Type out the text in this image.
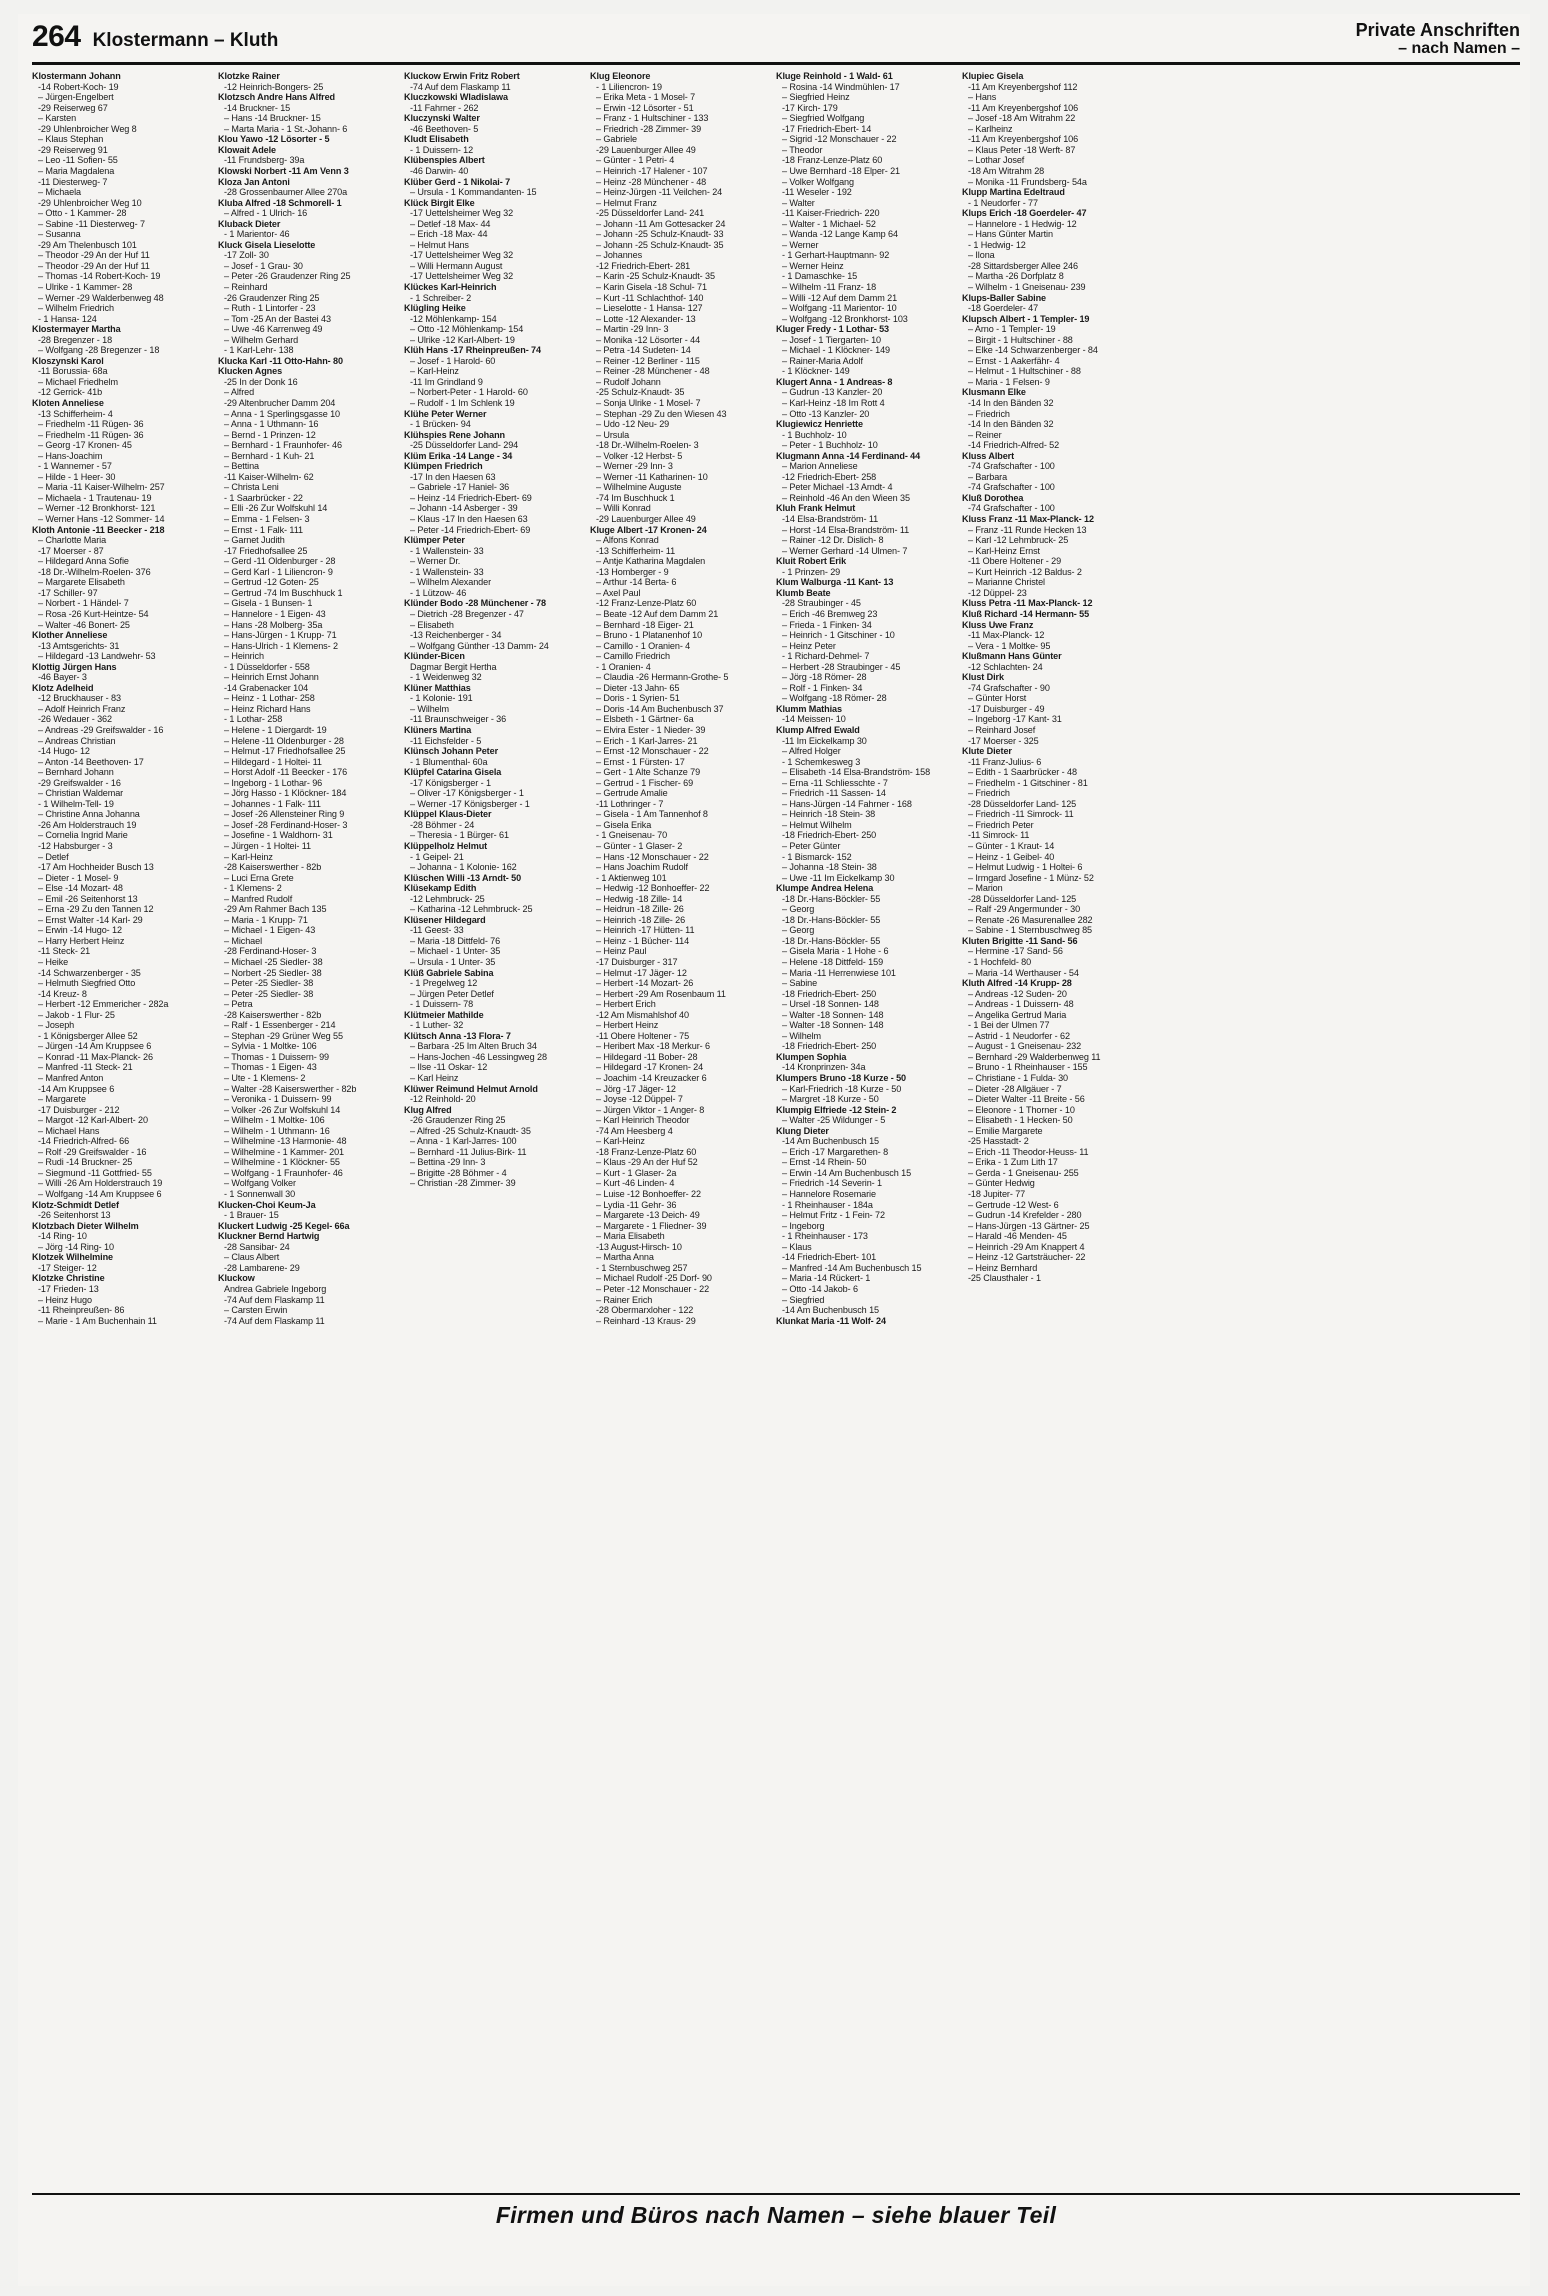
264 Klostermann – Kluth	Private Anschriften
– nach Namen –
Klostermann Johann
-14 Robert-Koch- 19
– Jürgen-Engelbert
-29 Reiserweg 67
– Karsten
-29 Uhlenbroicher Weg 8
– Klaus Stephan
-29 Reiserweg 91
– Leo -11 Sofien- 55
– Maria Magdalena
-11 Diesterweg- 7
– Michaela
-29 Uhlenbroicher Weg 10
– Otto - 1 Kammer- 28
– Sabine -11 Diesterweg- 7
– Susanna
-29 Am Thelenbusch 101
– Theodor -29 An der Huf 11
– Theodor -29 An der Huf 11
– Thomas -14 Robert-Koch- 19
– Ulrike - 1 Kammer- 28
– Werner -29 Walderbenweg 48
– Wilhelm Friedrich
- 1 Hansa- 124
Klostermayer Martha
-28 Bregenzer - 18
– Wolfgang -28 Bregenzer - 18
Kloszynski Karol
-11 Borussia- 68a
– Michael Friedhelm
-12 Gerrick- 41b
Kloten Anneliese
-13 Schifferheim- 4
– Friedhelm -11 Rügen- 36
– Friedhelm -11 Rügen- 36
– Georg -17 Kronen- 45
– Hans-Joachim
- 1 Wannemer - 57
– Hilde - 1 Heer- 30
– Maria -11 Kaiser-Wilhelm- 257
– Michaela - 1 Trautenau- 19
– Werner -12 Bronkhorst- 121
– Werner Hans -12 Sommer- 14
Kloth Antonie -11 Beecker - 218
– Charlotte Maria
-17 Moerser - 87
– Hildegard Anna Sofie
-18 Dr.-Wilhelm-Roelen- 376
– Margarete Elisabeth
-17 Schiller- 97
– Norbert - 1 Händel- 7
– Rosa -26 Kurt-Heintze- 54
– Walter -46 Bonert- 25
Klother Anneliese
-13 Amtsgerichts- 31
– Hildegard -13 Landwehr- 53
Klottig Jürgen Hans
-46 Bayer- 3
Klotz Adelheid
-12 Bruckhauser - 83
– Adolf Heinrich Franz
-26 Wedauer - 362
– Andreas -29 Greifswalder - 16
– Andreas Christian
-14 Hugo- 12
– Anton -14 Beethoven- 17
– Bernhard Johann
-29 Greifswalder - 16
– Christian Waldemar
- 1 Wilhelm-Tell- 19
– Christine Anna Johanna
-26 Am Holderstrauch 19
– Cornelia Ingrid Marie
-12 Habsburger - 3
– Detlef
-17 Am Hochheider Busch 13
– Dieter - 1 Mosel- 9
– Else -14 Mozart- 48
– Emil -26 Seitenhorst 13
– Erna -29 Zu den Tannen 12
– Ernst Walter -14 Karl- 29
– Erwin -14 Hugo- 12
– Harry Herbert Heinz
-11 Steck- 21
– Heike
-14 Schwarzenberger - 35
– Helmuth Siegfried Otto
-14 Kreuz- 8
– Herbert -12 Emmericher - 282a
– Jakob - 1 Flur- 25
– Joseph
- 1 Königsberger Allee 52
– Jürgen -14 Am Kruppsee 6
– Konrad -11 Max-Planck- 26
– Manfred -11 Steck- 21
– Manfred Anton
-14 Am Kruppsee 6
– Margarete
-17 Duisburger - 212
– Margot -12 Karl-Albert- 20
– Michael Hans
-14 Friedrich-Alfred- 66
– Rolf -29 Greifswalder - 16
– Rudi -14 Bruckner- 25
– Siegmund -11 Gottfried- 55
– Willi -26 Am Holderstrauch 19
– Wolfgang -14 Am Kruppsee 6
Klotz-Schmidt Detlef
-26 Seitenhorst 13
Klotzbach Dieter Wilhelm
-14 Ring- 10
– Jörg -14 Ring- 10
Klotzek Wilhelmine
-17 Steiger- 12
Klotzke Christine
-17 Frieden- 13
– Heinz Hugo
-11 Rheinpreußen- 86
– Marie - 1 Am Buchenhain 11
Klotzke Rainer
-12 Heinrich-Bongers- 25
Klotzsch Andre Hans Alfred
-14 Bruckner- 15
– Hans -14 Bruckner- 15
– Marta Maria - 1 St.-Johann- 6
Klou Yawo -12 Lösorter - 5
Klowait Adele
-11 Frundsberg- 39a
Klowski Norbert -11 Am Venn 3
Kloza Jan Antoni
-28 Grossenbaumer Allee 270a
Kluba Alfred -18 Schmorell- 1
– Alfred - 1 Ulrich- 16
Kluback Dieter
- 1 Marientor- 46
Kluck Gisela Lieselotte
-17 Zoll- 30
– Josef - 1 Grau- 30
– Peter -26 Graudenzer Ring 25
– Reinhard
-26 Graudenzer Ring 25
– Ruth - 1 Lintorfer - 23
– Tom -25 An der Bastei 43
– Uwe -46 Karrenweg 49
– Wilhelm Gerhard
- 1 Karl-Lehr- 138
Klucka Karl -11 Otto-Hahn- 80
Klucken Agnes
-25 In der Donk 16
– Alfred
-29 Altenbrucher Damm 204
– Anna - 1 Sperlingsgasse 10
– Anna - 1 Uthmann- 16
– Bernd - 1 Prinzen- 12
– Bernhard - 1 Fraunhofer- 46
– Bernhard - 1 Kuh- 21
– Bettina
-11 Kaiser-Wilhelm- 62
– Christa Leni
- 1 Saarbrücker - 22
– Elli -26 Zur Wolfskuhl 14
– Emma - 1 Felsen- 3
– Ernst - 1 Falk- 111
– Garnet Judith
-17 Friedhofsallee 25
– Gerd -11 Oldenburger - 28
– Gerd Karl - 1 Liliencron- 9
– Gertrud -12 Goten- 25
– Gertrud -74 Im Buschhuck 1
– Gisela - 1 Bunsen- 1
– Hannelore - 1 Eigen- 43
– Hans -28 Molberg- 35a
– Hans-Jürgen - 1 Krupp- 71
– Hans-Ulrich - 1 Klemens- 2
– Heinrich
- 1 Düsseldorfer - 558
– Heinrich Ernst Johann
-14 Grabenacker 104
– Heinz - 1 Lothar- 258
– Heinz Richard Hans
- 1 Lothar- 258
– Helene - 1 Diergardt- 19
– Helene -11 Oldenburger - 28
– Helmut -17 Friedhofsallee 25
– Hildegard - 1 Holtei- 11
– Horst Adolf -11 Beecker - 176
– Ingeborg - 1 Lothar- 96
– Jörg Hasso - 1 Klöckner- 184
– Johannes - 1 Falk- 111
– Josef -26 Allensteiner Ring 9
– Josef -28 Ferdinand-Hoser- 3
– Josefine - 1 Waldhorn- 31
– Jürgen - 1 Holtei- 11
– Karl-Heinz
-28 Kaiserswerther - 82b
– Luci Erna Grete
- 1 Klemens- 2
– Manfred Rudolf
-29 Am Rahmer Bach 135
– Maria - 1 Krupp- 71
– Michael - 1 Eigen- 43
– Michael
-28 Ferdinand-Hoser- 3
– Michael -25 Siedler- 38
– Norbert -25 Siedler- 38
– Peter -25 Siedler- 38
– Peter -25 Siedler- 38
– Petra
-28 Kaiserswerther - 82b
– Ralf - 1 Essenberger - 214
– Stephan -29 Grüner Weg 55
– Sylvia - 1 Moltke- 106
– Thomas - 1 Duissern- 99
– Thomas - 1 Eigen- 43
– Ute - 1 Klemens- 2
– Walter -28 Kaiserswerther - 82b
– Veronika - 1 Duissern- 99
– Volker -26 Zur Wolfskuhl 14
– Wilhelm - 1 Moltke- 106
– Wilhelm - 1 Uthmann- 16
– Wilhelmine -13 Harmonie- 48
– Wilhelmine - 1 Kammer- 201
– Wilhelmine - 1 Klöckner- 55
– Wolfgang - 1 Fraunhofer- 46
– Wolfgang Volker
- 1 Sonnenwall 30
Klucken-Choi Keum-Ja
- 1 Brauer- 15
Kluckert Ludwig -25 Kegel- 66a
Kluckner Bernd Hartwig
-28 Sansibar- 24
– Claus Albert
-28 Lambarene- 29
Kluckow
Andrea Gabriele Ingeborg
-74 Auf dem Flaskamp 11
– Carsten Erwin
-74 Auf dem Flaskamp 11
Kluckow Erwin Fritz Robert
-74 Auf dem Flaskamp 11
Kluczkowski Wladislawa
-11 Fahrner - 262
Kluczynski Walter
-46 Beethoven- 5
Kludt Elisabeth
- 1 Duissern- 12
Klübenspies Albert
-46 Darwin- 40
Klüber Gerd - 1 Nikolai- 7
– Ursula - 1 Kommandanten- 15
Klück Birgit Elke
-17 Uettelsheimer Weg 32
– Detlef -18 Max- 44
– Erich -18 Max- 44
– Helmut Hans
-17 Uettelsheimer Weg 32
– Willi Hermann August
-17 Uettelsheimer Weg 32
Klückes Karl-Heinrich
- 1 Schreiber- 2
Klügling Heike
-12 Möhlenkamp- 154
– Otto -12 Möhlenkamp- 154
– Ulrike -12 Karl-Albert- 19
Klüh Hans -17 Rheinpreußen- 74
– Josef - 1 Harold- 60
– Karl-Heinz
-11 Im Grindland 9
– Norbert-Peter - 1 Harold- 60
– Rudolf - 1 Im Schlenk 19
Klühe Peter Werner
- 1 Brücken- 94
Klühspies Rene Johann
-25 Düsseldorfer Land- 294
Klüm Erika -14 Lange - 34
Klümpen Friedrich
-17 In den Haesen 63
– Gabriele -17 Haniel- 36
– Heinz -14 Friedrich-Ebert- 69
– Johann -14 Asberger - 39
– Klaus -17 In den Haesen 63
– Peter -14 Friedrich-Ebert- 69
Klümper Peter
- 1 Wallenstein- 33
– Werner Dr.
- 1 Wallenstein- 33
– Wilhelm Alexander
- 1 Lützow- 46
Klünder Bodo -28 Münchener - 78
– Dietrich -28 Bregenzer - 47
– Elisabeth
-13 Reichenberger - 34
– Wolfgang Günther -13 Damm- 24
Klünder-Bicen
Dagmar Bergit Hertha
- 1 Weidenweg 32
Klüner Matthias
- 1 Kolonie- 191
– Wilhelm
-11 Braunschweiger - 36
Klüners Martina
-11 Eichsfelder - 5
Klünsch Johann Peter
- 1 Blumenthal- 60a
Klüpfel Catarina Gisela
-17 Königsberger - 1
– Oliver -17 Königsberger - 1
– Werner -17 Königsberger - 1
Klüppel Klaus-Dieter
-28 Böhmer - 24
– Theresia - 1 Bürger- 61
Klüppelholz Helmut
- 1 Geipel- 21
– Johanna - 1 Kolonie- 162
Klüschen Willi -13 Arndt- 50
Klüsekamp Edith
-12 Lehmbruck- 25
– Katharina -12 Lehmbruck- 25
Klüsener Hildegard
-11 Geest- 33
– Maria -18 Dittfeld- 76
– Michael - 1 Unter- 35
– Ursula - 1 Unter- 35
Klüß Gabriele Sabina
- 1 Pregelweg 12
– Jürgen Peter Detlef
- 1 Duissern- 78
Klütmeier Mathilde
- 1 Luther- 32
Klütsch Anna -13 Flora- 7
– Barbara -25 Im Alten Bruch 34
– Hans-Jochen -46 Lessingweg 28
– Ilse -11 Oskar- 12
– Karl Heinz
Klüwer Reimund Helmut Arnold
-12 Reinhold- 20
Klug Alfred
-26 Graudenzer Ring 25
– Alfred -25 Schulz-Knaudt- 35
– Anna - 1 Karl-Jarres- 100
– Bernhard -11 Julius-Birk- 11
– Bettina -29 Inn- 3
– Brigitte -28 Böhmer - 4
– Christian -28 Zimmer- 39
Klug Eleonore
- 1 Liliencron- 19
– Erika Meta - 1 Mosel- 7
– Erwin -12 Lösorter - 51
– Franz - 1 Hultschiner - 133
– Friedrich -28 Zimmer- 39
– Gabriele
-29 Lauenburger Allee 49
– Günter - 1 Petri- 4
– Heinrich -17 Halener - 107
– Heinz -28 Münchener - 48
– Heinz-Jürgen -11 Veilchen- 24
– Helmut Franz
-25 Düsseldorfer Land- 241
– Johann -11 Am Gottesacker 24
– Johann -25 Schulz-Knaudt- 33
– Johann -25 Schulz-Knaudt- 35
– Johannes
-12 Friedrich-Ebert- 281
– Karin -25 Schulz-Knaudt- 35
– Karin Gisela -18 Schul- 71
– Kurt -11 Schlachthof- 140
– Lieselotte - 1 Hansa- 127
– Lotte -12 Alexander- 13
– Martin -29 Inn- 3
– Monika -12 Lösorter - 44
– Petra -14 Sudeten- 14
– Reiner -12 Berliner - 115
– Reiner -28 Münchener - 48
– Rudolf Johann
-25 Schulz-Knaudt- 35
– Sonja Ulrike - 1 Mosel- 7
– Stephan -29 Zu den Wiesen 43
– Udo -12 Neu- 29
– Ursula
-18 Dr.-Wilhelm-Roelen- 3
– Volker -12 Herbst- 5
– Werner -29 Inn- 3
– Werner -11 Katharinen- 10
– Wilhelmine Auguste
-74 Im Buschhuck 1
– Willi Konrad
-29 Lauenburger Allee 49
Kluge Albert -17 Kronen- 24
– Alfons Konrad
-13 Schifferheim- 11
– Antje Katharina Magdalen
-13 Homberger - 9
– Arthur -14 Berta- 6
– Axel Paul
-12 Franz-Lenze-Platz 60
– Beate -12 Auf dem Damm 21
– Bernhard -18 Eiger- 21
– Bruno - 1 Platanenhof 10
– Camillo - 1 Oranien- 4
– Camillo Friedrich
- 1 Oranien- 4
– Claudia -26 Hermann-Grothe- 5
– Dieter -13 Jahn- 65
– Doris - 1 Syrien- 51
– Doris -14 Am Buchenbusch 37
– Elsbeth - 1 Gärtner- 6a
– Elvira Ester - 1 Nieder- 39
– Erich - 1 Karl-Jarres- 21
– Ernst -12 Monschauer - 22
– Ernst - 1 Fürsten- 17
– Gert - 1 Alte Schanze 79
– Gertrud - 1 Fischer- 69
– Gertrude Amalie
-11 Lothringer - 7
– Gisela - 1 Am Tannenhof 8
– Gisela Erika
- 1 Gneisenau- 70
– Günter - 1 Glaser- 2
– Hans -12 Monschauer - 22
– Hans Joachim Rudolf
- 1 Aktienweg 101
– Hedwig -12 Bonhoeffer- 22
– Hedwig -18 Zille- 14
– Heidrun -18 Zille- 26
– Heinrich -18 Zille- 26
– Heinrich -17 Hütten- 11
– Heinz - 1 Bücher- 114
– Heinz Paul
-17 Duisburger - 317
– Helmut -17 Jäger- 12
– Herbert -14 Mozart- 26
– Herbert -29 Am Rosenbaum 11
– Herbert Erich
-12 Am Mismahlshof 40
– Herbert Heinz
-11 Obere Holtener - 75
– Heribert Max -18 Merkur- 6
– Hildegard -11 Bober- 28
– Hildegard -17 Kronen- 24
– Joachim -14 Kreuzacker 6
– Jörg -17 Jäger- 12
– Joyse -12 Düppel- 7
– Jürgen Viktor - 1 Anger- 8
– Karl Heinrich Theodor
-74 Am Heesberg 4
– Karl-Heinz
-18 Franz-Lenze-Platz 60
– Klaus -29 An der Huf 52
– Kurt - 1 Glaser- 2a
– Kurt -46 Linden- 4
– Luise -12 Bonhoeffer- 22
– Lydia -11 Gehr- 36
– Margarete -13 Deich- 49
– Margarete - 1 Fliedner- 39
– Maria Elisabeth
-13 August-Hirsch- 10
– Martha Anna
- 1 Sternbuschweg 257
– Michael Rudolf -25 Dorf- 90
– Peter -12 Monschauer - 22
– Rainer Erich
-28 Obermarxloher - 122
– Reinhard -13 Kraus- 29
Kluge Reinhold - 1 Wald- 61
– Rosina -14 Windmühlen- 17
– Siegfried Heinz
-17 Kirch- 179
– Siegfried Wolfgang
-17 Friedrich-Ebert- 14
– Sigrid -12 Monschauer - 22
– Theodor
-18 Franz-Lenze-Platz 60
– Uwe Bernhard -18 Elper- 21
– Volker Wolfgang
-11 Weseler - 192
– Walter
-11 Kaiser-Friedrich- 220
– Walter - 1 Michael- 52
– Wanda -12 Lange Kamp 64
– Werner
- 1 Gerhart-Hauptmann- 92
– Werner Heinz
- 1 Damaschke- 15
– Wilhelm -11 Franz- 18
– Willi -12 Auf dem Damm 21
– Wolfgang -11 Marientor- 10
– Wolfgang -12 Bronkhorst- 103
Kluger Fredy - 1 Lothar- 53
– Josef - 1 Tiergarten- 10
– Michael - 1 Klöckner- 149
– Rainer-Maria Adolf
- 1 Klöckner- 149
Klugert Anna - 1 Andreas- 8
– Gudrun -13 Kanzler- 20
– Karl-Heinz -18 Im Rott 4
– Otto -13 Kanzler- 20
Klugiewicz Henriette
- 1 Buchholz- 10
– Peter - 1 Buchholz- 10
Klugmann Anna -14 Ferdinand- 44
– Marion Anneliese
-12 Friedrich-Ebert- 258
– Peter Michael -13 Arndt- 4
– Reinhold -46 An den Wieen 35
Kluh Frank Helmut
-14 Elsa-Brandström- 11
– Horst -14 Elsa-Brandström- 11
– Rainer -12 Dr. Dislich- 8
– Werner Gerhard -14 Ulmen- 7
Kluit Robert Erik
- 1 Prinzen- 29
Klum Walburga -11 Kant- 13
Klumb Beate
-28 Straubinger - 45
– Erich -46 Bremweg 23
– Frieda - 1 Finken- 34
– Heinrich - 1 Gitschiner - 10
– Heinz Peter
- 1 Richard-Dehmel- 7
– Herbert -28 Straubinger - 45
– Jörg -18 Römer- 28
– Rolf - 1 Finken- 34
– Wolfgang -18 Römer- 28
Klumm Mathias
-14 Meissen- 10
Klump Alfred Ewald
-11 Im Eickelkamp 30
– Alfred Holger
- 1 Schemkesweg 3
– Elisabeth -14 Elsa-Brandström- 158
– Erna -11 Schliesschte - 7
– Friedrich -11 Sassen- 14
– Hans-Jürgen -14 Fahrner - 168
– Heinrich -18 Stein- 38
– Helmut Wilhelm
-18 Friedrich-Ebert- 250
– Peter Günter
- 1 Bismarck- 152
– Johanna -18 Stein- 38
– Uwe -11 Im Eickelkamp 30
Klumpe Andrea Helena
-18 Dr.-Hans-Böckler- 55
– Georg
-18 Dr.-Hans-Böckler- 55
– Georg
-18 Dr.-Hans-Böckler- 55
– Gisela Maria - 1 Hohe - 6
– Helene -18 Dittfeld- 159
– Maria -11 Herrenwiese 101
– Sabine
-18 Friedrich-Ebert- 250
– Ursel -18 Sonnen- 148
– Walter -18 Sonnen- 148
– Walter -18 Sonnen- 148
– Wilhelm
-18 Friedrich-Ebert- 250
Klumpen Sophia
-14 Kronprinzen- 34a
Klumpers Bruno -18 Kurze - 50
– Karl-Friedrich -18 Kurze - 50
– Margret -18 Kurze - 50
Klumpig Elfriede -12 Stein- 2
– Walter -25 Wildunger - 5
Klung Dieter
-14 Am Buchenbusch 15
– Erich -17 Margarethen- 8
– Ernst -14 Rhein- 50
– Erwin -14 Am Buchenbusch 15
– Friedrich -14 Severin- 1
– Hannelore Rosemarie
- 1 Rheinhauser - 184a
– Helmut Fritz - 1 Fein- 72
– Ingeborg
- 1 Rheinhauser - 173
– Klaus
-14 Friedrich-Ebert- 101
– Manfred -14 Am Buchenbusch 15
– Maria -14 Rückert- 1
– Otto -14 Jakob- 6
– Siegfried
-14 Am Buchenbusch 15
Klunkat Maria -11 Wolf- 24
Klupiec Gisela
-11 Am Kreyenbergshof 112
– Hans
-11 Am Kreyenbergshof 106
– Josef -18 Am Witrahm 22
– Karlheinz
-11 Am Kreyenbergshof 106
– Klaus Peter -18 Werft- 87
– Lothar Josef
-18 Am Witrahm 28
– Monika -11 Frundsberg- 54a
Klupp Martina Edeltraud
- 1 Neudorfer - 77
Klups Erich -18 Goerdeler- 47
– Hannelore - 1 Hedwig- 12
– Hans Günter Martin
- 1 Hedwig- 12
– Ilona
-28 Sittardsberger Allee 246
– Martha -26 Dorfplatz 8
– Wilhelm - 1 Gneisenau- 239
Klups-Baller Sabine
-18 Goerdeler- 47
Klupsch Albert - 1 Templer- 19
– Arno - 1 Templer- 19
– Birgit - 1 Hultschiner - 88
– Elke -14 Schwarzenberger - 84
– Ernst - 1 Aakerfähr- 4
– Helmut - 1 Hultschiner - 88
– Maria - 1 Felsen- 9
Klusmann Elke
-14 In den Bänden 32
– Friedrich
-14 In den Bänden 32
– Reiner
-14 Friedrich-Alfred- 52
Kluss Albert
-74 Grafschafter - 100
– Barbara
-74 Grafschafter - 100
Kluß Dorothea
-74 Grafschafter - 100
Kluss Franz -11 Max-Planck- 12
– Franz -11 Runde Hecken 13
– Karl -12 Lehmbruck- 25
– Karl-Heinz Ernst
-11 Obere Holtener - 29
– Kurt Heinrich -12 Baldus- 2
– Marianne Christel
-12 Düppel- 23
Kluss Petra -11 Max-Planck- 12
Kluß Richard -14 Hermann- 55
Kluss Uwe Franz
-11 Max-Planck- 12
– Vera - 1 Moltke- 95
Klußmann Hans Günter
-12 Schlachten- 24
Klust Dirk
-74 Grafschafter - 90
– Günter Horst
-17 Duisburger - 49
– Ingeborg -17 Kant- 31
– Reinhard Josef
-17 Moerser - 325
Klute Dieter
-11 Franz-Julius- 6
– Edith - 1 Saarbrücker - 48
– Friedhelm - 1 Gitschiner - 81
– Friedrich
-28 Düsseldorfer Land- 125
– Friedrich -11 Simrock- 11
– Friedrich Peter
-11 Simrock- 11
– Günter - 1 Kraut- 14
– Heinz - 1 Geibel- 40
– Helmut Ludwig - 1 Holtei- 6
– Irmgard Josefine - 1 Münz- 52
– Marion
-28 Düsseldorfer Land- 125
– Ralf -29 Angermunder - 30
– Renate -26 Masurenallee 282
– Sabine - 1 Sternbuschweg 85
Kluten Brigitte -11 Sand- 56
– Hermine -17 Sand- 56
- 1 Hochfeld- 80
– Maria -14 Werthauser - 54
Kluth Alfred -14 Krupp- 28
– Andreas -12 Suden- 20
– Andreas - 1 Duissern- 48
– Angelika Gertrud Maria
- 1 Bei der Ulmen 77
– Astrid - 1 Neudorfer - 62
– August - 1 Gneisenau- 232
– Bernhard -29 Walderbenweg 11
– Bruno - 1 Rheinhauser - 155
– Christiane - 1 Fulda- 30
– Dieter -28 Allgäuer - 7
– Dieter Walter -11 Breite - 56
– Eleonore - 1 Thorner - 10
– Elisabeth - 1 Hecken- 50
– Emilie Margarete
-25 Hasstadt- 2
– Erich -11 Theodor-Heuss- 11
– Erika - 1 Zum Lith 17
– Gerda - 1 Gneisenau- 255
– Günter Hedwig
-18 Jupiter- 77
– Gertrude -12 West- 6
– Gudrun -14 Krefelder - 280
– Hans-Jürgen -13 Gärtner- 25
– Harald -46 Menden- 45
– Heinrich -29 Am Knappert 4
– Heinz -12 Gartsträucher- 22
– Heinz Bernhard
-25 Clausthaler - 1
Firmen und Büros nach Namen – siehe blauer Teil
